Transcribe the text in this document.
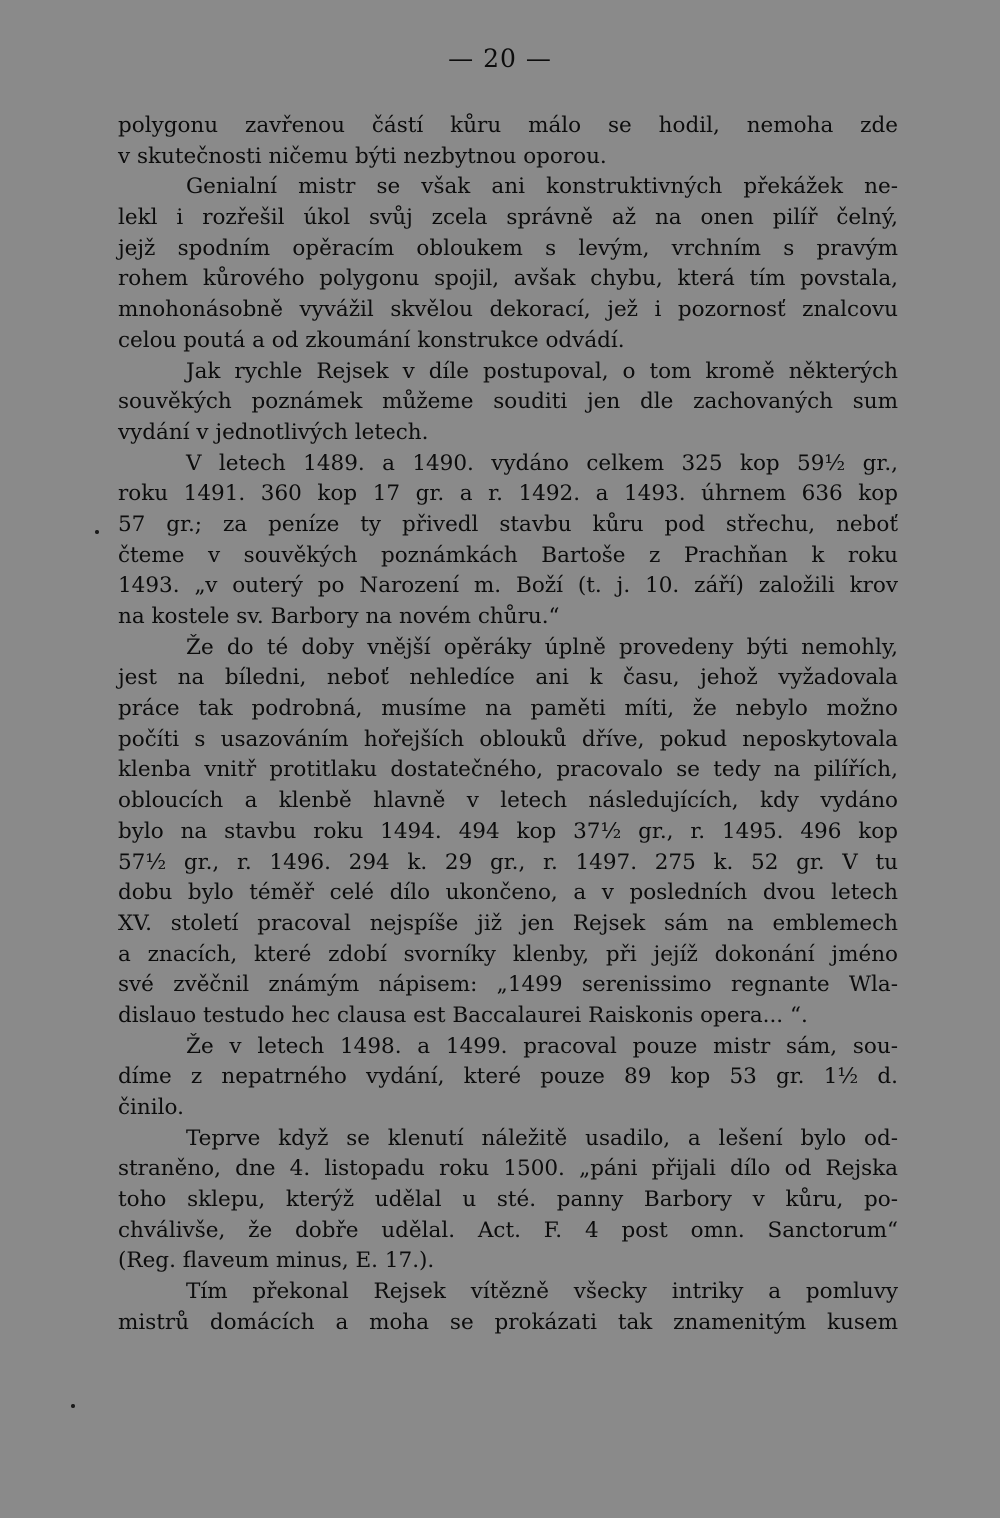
— 20 —
polygonu zavřenou částí kůru málo se hodil, nemoha zde
v skutečnosti ničemu býti nezbytnou oporou.
Genialní mistr se však ani konstruktivných překážek ne-
lekl i rozřešil úkol svůj zcela správně až na onen pilíř čelný,
jejž spodním opěracím obloukem s levým, vrchním s pravým
rohem kůrového polygonu spojil, avšak chybu, která tím povstala,
mnohonásobně vyvážil skvělou dekorací, jež i pozornosť znalcovu
celou poutá a od zkoumání konstrukce odvádí.
Jak rychle Rejsek v díle postupoval, o tom kromě některých
souvěkých poznámek můžeme souditi jen dle zachovaných sum
vydání v jednotlivých letech.
V letech 1489. a 1490. vydáno celkem 325 kop 59½ gr.,
roku 1491. 360 kop 17 gr. a r. 1492. a 1493. úhrnem 636 kop
57 gr.; za peníze ty přivedl stavbu kůru pod střechu, neboť
čteme v souvěkých poznámkách Bartoše z Prachňan k roku
1493. „v outerý po Narození m. Boží (t. j. 10. září) založili krov
na kostele sv. Barbory na novém chůru.“
Že do té doby vnější opěráky úplně provedeny býti nemohly,
jest na bíledni, neboť nehledíce ani k času, jehož vyžadovala
práce tak podrobná, musíme na paměti míti, že nebylo možno
počíti s usazováním hořejších oblouků dříve, pokud neposkytovala
klenba vnitř protitlaku dostatečného, pracovalo se tedy na pilířích,
obloucích a klenbě hlavně v letech následujících, kdy vydáno
bylo na stavbu roku 1494. 494 kop 37½ gr., r. 1495. 496 kop
57½ gr., r. 1496. 294 k. 29 gr., r. 1497. 275 k. 52 gr. V tu
dobu bylo téměř celé dílo ukončeno, a v posledních dvou letech
XV. století pracoval nejspíše již jen Rejsek sám na emblemech
a znacích, které zdobí svorníky klenby, při jejíž dokonání jméno
své zvěčnil známým nápisem: „1499 serenissimo regnante Wla-
dislauo testudo hec clausa est Baccalaurei Raiskonis opera... “.
Že v letech 1498. a 1499. pracoval pouze mistr sám, sou-
díme z nepatrného vydání, které pouze 89 kop 53 gr. 1½ d.
činilo.
Teprve když se klenutí náležitě usadilo, a lešení bylo od-
straněno, dne 4. listopadu roku 1500. „páni přijali dílo od Rejska
toho sklepu, kterýž udělal u sté. panny Barbory v kůru, po-
chválivše, že dobře udělal. Act. F. 4 post omn. Sanctorum“
(Reg. flaveum minus, E. 17.).
Tím překonal Rejsek vítězně všecky intriky a pomluvy
mistrů domácích a moha se prokázati tak znamenitým kusem
